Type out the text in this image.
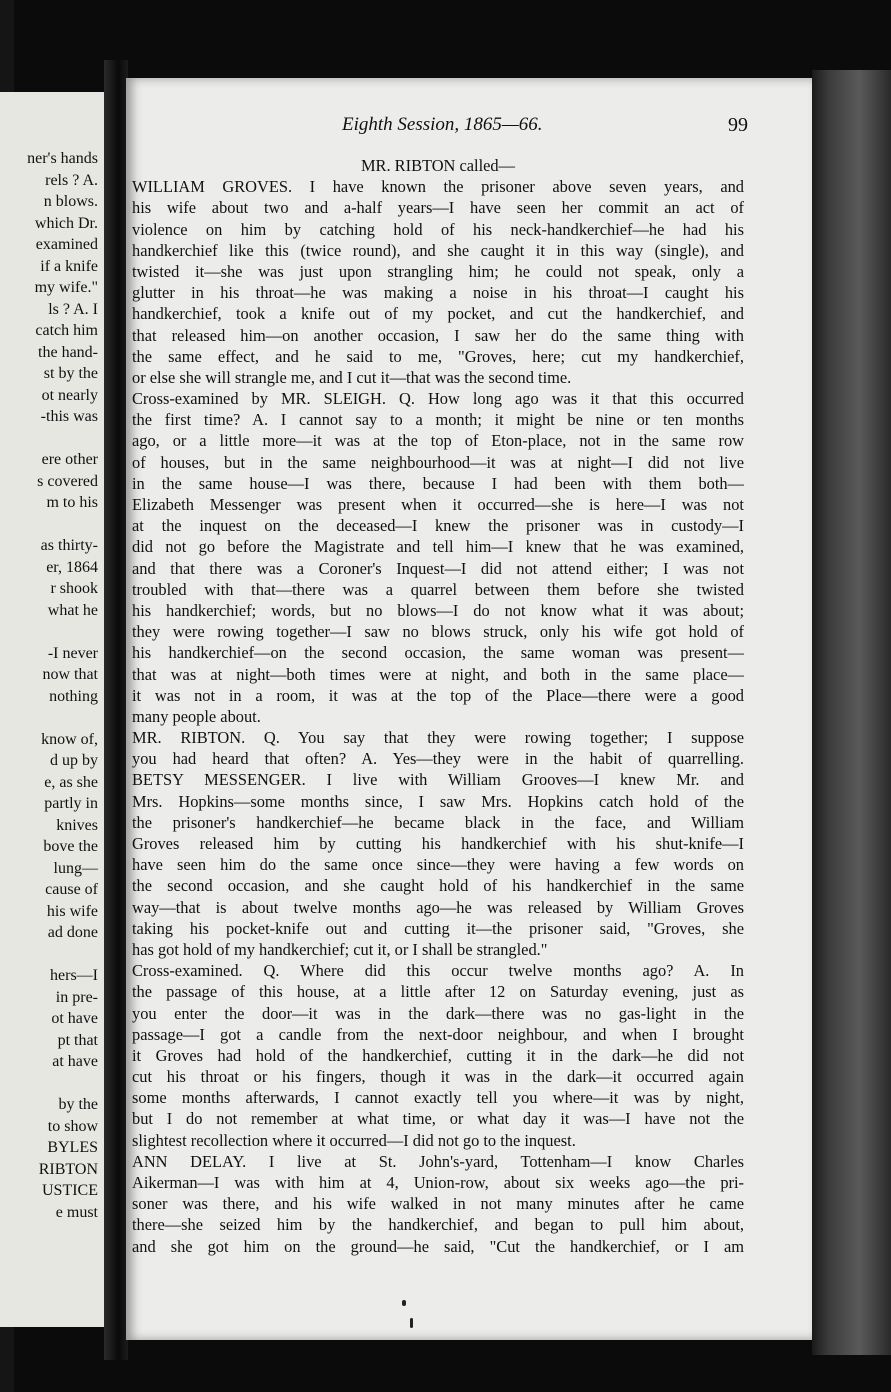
ner's hands
rels ? A.
n blows.
which Dr.
examined
if a knife
my wife."
ls ? A. I
catch him
the hand-
st by the
ot nearly
-this was
ere other
s covered
m to his
as thirty-
er, 1864
r shook
what he
-I never
now that
nothing
know of,
d up by
e, as she
partly in
knives
bove the
lung—
cause of
his wife
ad done
hers—I
in pre-
ot have
pt that
at have
by the
to show
BYLES
RIBTON
USTICE
e must
Eighth Session, 1865—66.	99
MR. RIBTON called—
WILLIAM GROVES. I have known the prisoner above seven years, and
his wife about two and a-half years—I have seen her commit an act of
violence on him by catching hold of his neck-handkerchief—he had his
handkerchief like this (twice round), and she caught it in this way (single), and
twisted it—she was just upon strangling him; he could not speak, only a
glutter in his throat—he was making a noise in his throat—I caught his
handkerchief, took a knife out of my pocket, and cut the handkerchief, and
that released him—on another occasion, I saw her do the same thing with
the same effect, and he said to me, "Groves, here; cut my handkerchief,
or else she will strangle me, and I cut it—that was the second time.
Cross-examined by MR. SLEIGH. Q. How long ago was it that this occurred
the first time? A. I cannot say to a month; it might be nine or ten months
ago, or a little more—it was at the top of Eton-place, not in the same row
of houses, but in the same neighbourhood—it was at night—I did not live
in the same house—I was there, because I had been with them both—
Elizabeth Messenger was present when it occurred—she is here—I was not
at the inquest on the deceased—I knew the prisoner was in custody—I
did not go before the Magistrate and tell him—I knew that he was examined,
and that there was a Coroner's Inquest—I did not attend either; I was not
troubled with that—there was a quarrel between them before she twisted
his handkerchief; words, but no blows—I do not know what it was about;
they were rowing together—I saw no blows struck, only his wife got hold of
his handkerchief—on the second occasion, the same woman was present—
that was at night—both times were at night, and both in the same place—
it was not in a room, it was at the top of the Place—there were a good
many people about.
MR. RIBTON. Q. You say that they were rowing together; I suppose
you had heard that often? A. Yes—they were in the habit of quarrelling.
BETSY MESSENGER. I live with William Grooves—I knew Mr. and
Mrs. Hopkins—some months since, I saw Mrs. Hopkins catch hold of the
the prisoner's handkerchief—he became black in the face, and William
Groves released him by cutting his handkerchief with his shut-knife—I
have seen him do the same once since—they were having a few words on
the second occasion, and she caught hold of his handkerchief in the same
way—that is about twelve months ago—he was released by William Groves
taking his pocket-knife out and cutting it—the prisoner said, "Groves, she
has got hold of my handkerchief; cut it, or I shall be strangled."
Cross-examined. Q. Where did this occur twelve months ago? A. In
the passage of this house, at a little after 12 on Saturday evening, just as
you enter the door—it was in the dark—there was no gas-light in the
passage—I got a candle from the next-door neighbour, and when I brought
it Groves had hold of the handkerchief, cutting it in the dark—he did not
cut his throat or his fingers, though it was in the dark—it occurred again
some months afterwards, I cannot exactly tell you where—it was by night,
but I do not remember at what time, or what day it was—I have not the
slightest recollection where it occurred—I did not go to the inquest.
ANN DELAY. I live at St. John's-yard, Tottenham—I know Charles
Aikerman—I was with him at 4, Union-row, about six weeks ago—the pri-
soner was there, and his wife walked in not many minutes after he came
there—she seized him by the handkerchief, and began to pull him about,
and she got him on the ground—he said, "Cut the handkerchief, or I am
